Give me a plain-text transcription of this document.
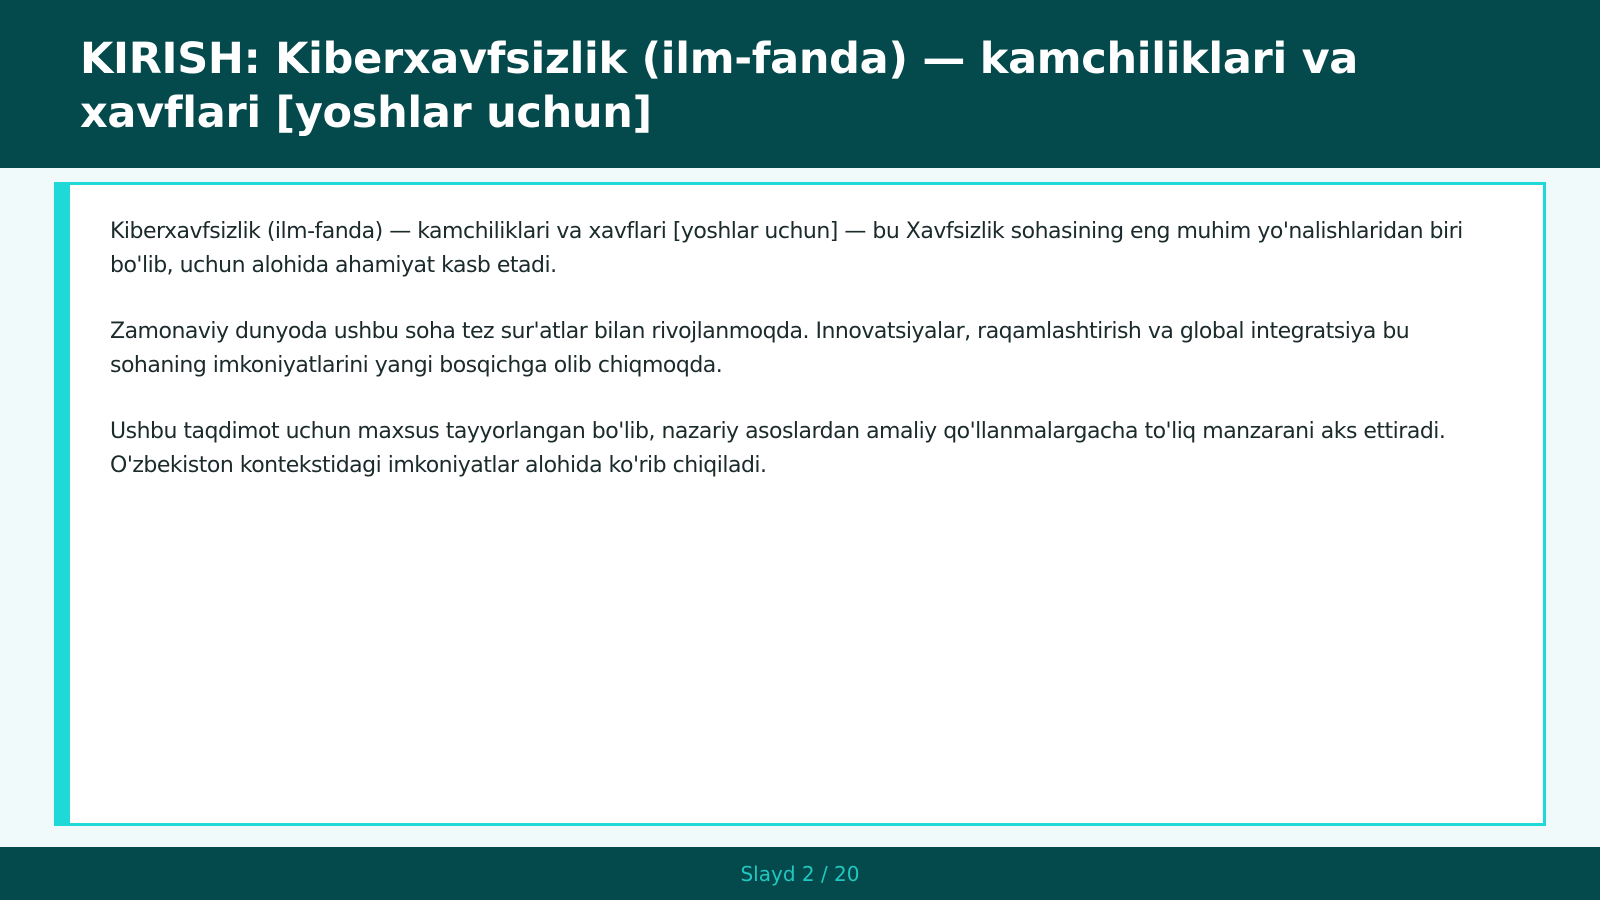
KIRISH: Kiberxavfsizlik (ilm-fanda) — kamchiliklari va xavflari [yoshlar uchun]

Kiberxavfsizlik (ilm-fanda) — kamchiliklari va xavflari [yoshlar uchun] — bu Xavfsizlik sohasining eng muhim yo'nalishlaridan biri bo'lib, uchun alohida ahamiyat kasb etadi.

Zamonaviy dunyoda ushbu soha tez sur'atlar bilan rivojlanmoqda. Innovatsiyalar, raqamlashtirish va global integratsiya bu sohaning imkoniyatlarini yangi bosqichga olib chiqmoqda.

Ushbu taqdimot uchun maxsus tayyorlangan bo'lib, nazariy asoslardan amaliy qo'llanmalargacha to'liq manzarani aks ettiradi. O'zbekiston kontekstidagi imkoniyatlar alohida ko'rib chiqiladi.

Slayd 2 / 20
